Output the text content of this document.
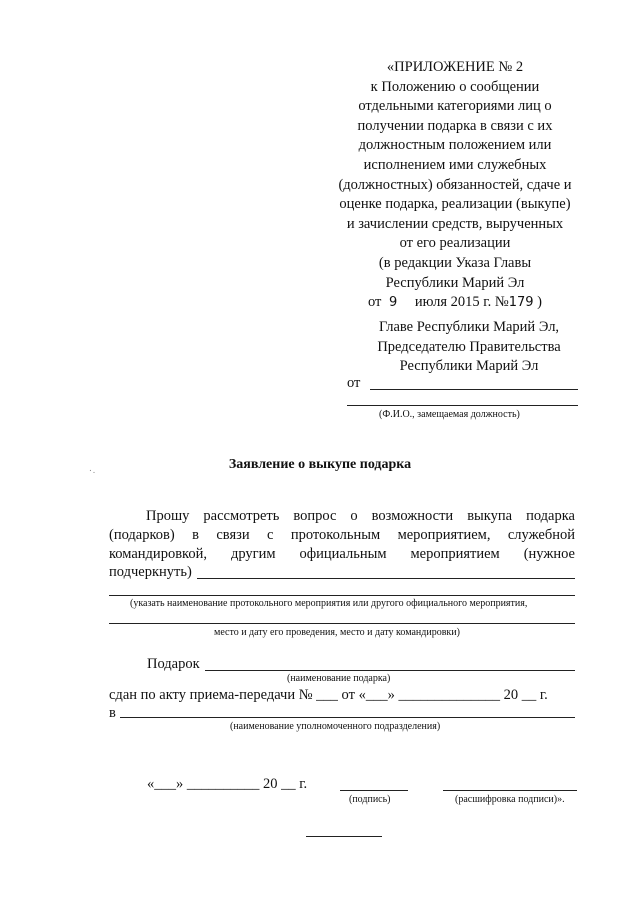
«ПРИЛОЖЕНИЕ № 2
к Положению о сообщении
отдельными категориями лиц о
получении подарка в связи с их
должностным положением или
исполнением ими служебных
(должностных) обязанностей, сдаче и
оценке подарка, реализации (выкупе)
и зачислении средств, вырученных
от его реализации
(в редакции Указа Главы
Республики Марий Эл
от 9 июля 2015 г. №179 )
Главе Республики Марий Эл,
Председателю Правительства
Республики Марий Эл
от
(Ф.И.О., замещаемая должность)
٠.	Заявление о выкупе подарка
Прошу рассмотреть вопрос о возможности выкупа подарка
(подарков) в связи с протокольным мероприятием, служебной
командировкой, другим официальным мероприятием (нужное
подчеркнуть)
(указать наименование протокольного мероприятия или другого официального мероприятия,
место и дату его проведения, место и дату командировки)
Подарок
(наименование подарка)
сдан по акту приема-передачи № ___ от «___» ______________ 20 __ г.
в
(наименование уполномоченного подразделения)
«___» __________ 20 __ г.
(подпись)	(расшифровка подписи)».
